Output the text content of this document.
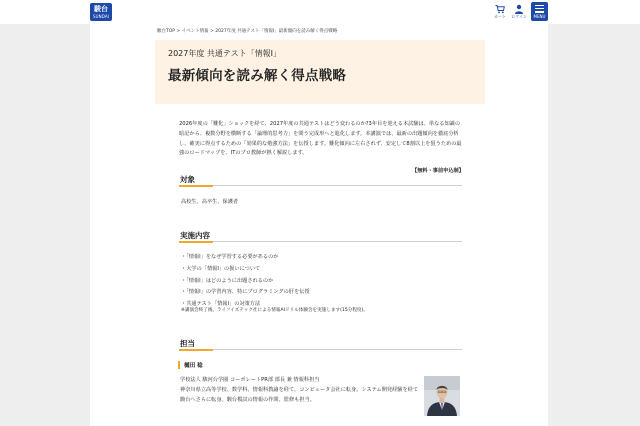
駿台
SUNDAI	カート	ログイン	MENU
駿台TOP > イベント情報 > 2027年度 共通テスト「情報Ⅰ」最新傾向を読み解く得点戦略
2027年度 共通テスト「情報Ⅰ」
最新傾向を読み解く得点戦略

2026年度の「難化」ショックを経て、2027年度の共通テストはどう変わるのか?3年目を迎える本試験は、単なる知識の

暗記から、複数分野を横断する「論理的思考力」を問う完成形へと進化します。本講演では、最新の出題傾向を徹底分析

し、確実に得点するための「効果的な勉強方法」を伝授します。難化傾向に左右されず、安定して8割以上を狙うための最

強のロードマップを、ITのプロ教師が熱く解説します。

【無料・事前申込制】
対象
高校生、高卒生、保護者
実施内容
・「情報Ⅰ」をなぜ学習する必要があるのか
・大学の「情報Ⅰ」の扱いについて
・「情報Ⅰ」はどのように出題されるのか
・「情報Ⅰ」の学習内容、特にプログラミングの肝を伝授
・共通テスト「情報Ⅰ」の対策方法
※講演会終了後、ライフイズテック社による情報AIドリル体験会を実施します(15分程度)。
担当
樋田 稔

学校法人 駿河台学園 コーポレートPR部 部長 兼 情報科担当

神奈川県立高等学校、数学科、情報科教諭を経て、コンピュータ会社に転身。システム開発経験を経て

駿台へさらに転身。駿台模試の情報の作問、監修も担当。
